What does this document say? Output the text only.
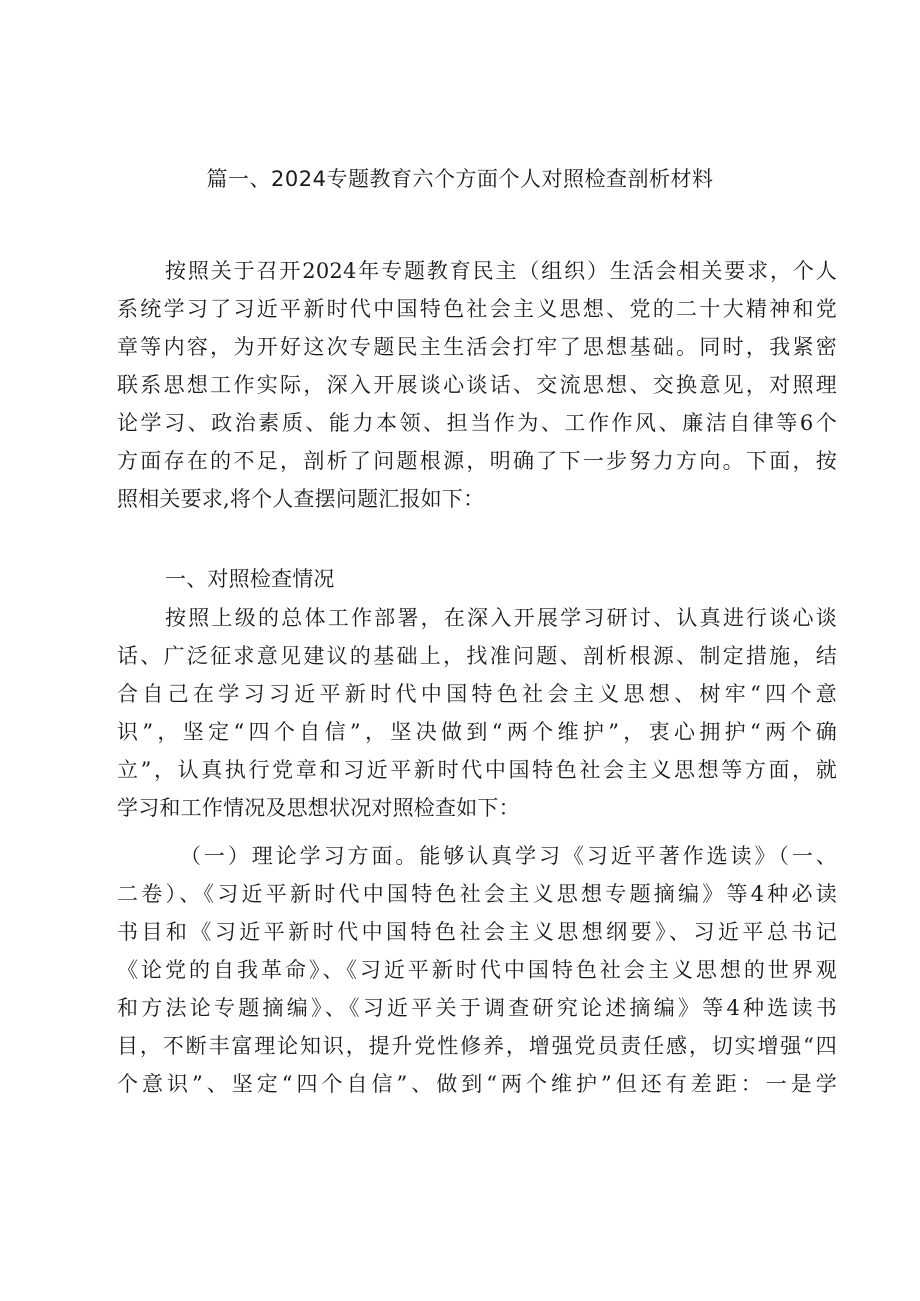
篇一、2024专题教育六个方面个人对照检查剖析材料
按照关于召开2024年专题教育民主（组织）生活会相关要求，个人
系统学习了习近平新时代中国特色社会主义思想、党的二十大精神和党
章等内容，为开好这次专题民主生活会打牢了思想基础。同时，我紧密
联系思想工作实际，深入开展谈心谈话、交流思想、交换意见，对照理
论学习、政治素质、能力本领、担当作为、工作作风、廉洁自律等6个
方面存在的不足，剖析了问题根源，明确了下一步努力方向。下面，按
照相关要求,将个人查摆问题汇报如下：
一、对照检查情况
按照上级的总体工作部署，在深入开展学习研讨、认真进行谈心谈
话、广泛征求意见建议的基础上，找准问题、剖析根源、制定措施，结
合自己在学习习近平新时代中国特色社会主义思想、树牢“四个意
识”，坚定“四个自信”，坚决做到“两个维护”，衷心拥护“两个确
立”，认真执行党章和习近平新时代中国特色社会主义思想等方面，就
学习和工作情况及思想状况对照检查如下：
（一）理论学习方面。能够认真学习《习近平著作选读》（一、
二卷）、《习近平新时代中国特色社会主义思想专题摘编》等4种必读
书目和《习近平新时代中国特色社会主义思想纲要》、习近平总书记
《论党的自我革命》、《习近平新时代中国特色社会主义思想的世界观
和方法论专题摘编》、《习近平关于调查研究论述摘编》等4种选读书
目，不断丰富理论知识，提升党性修养，增强党员责任感，切实增强“四
个意识”、坚定“四个自信”、做到“两个维护”但还有差距：一是学
